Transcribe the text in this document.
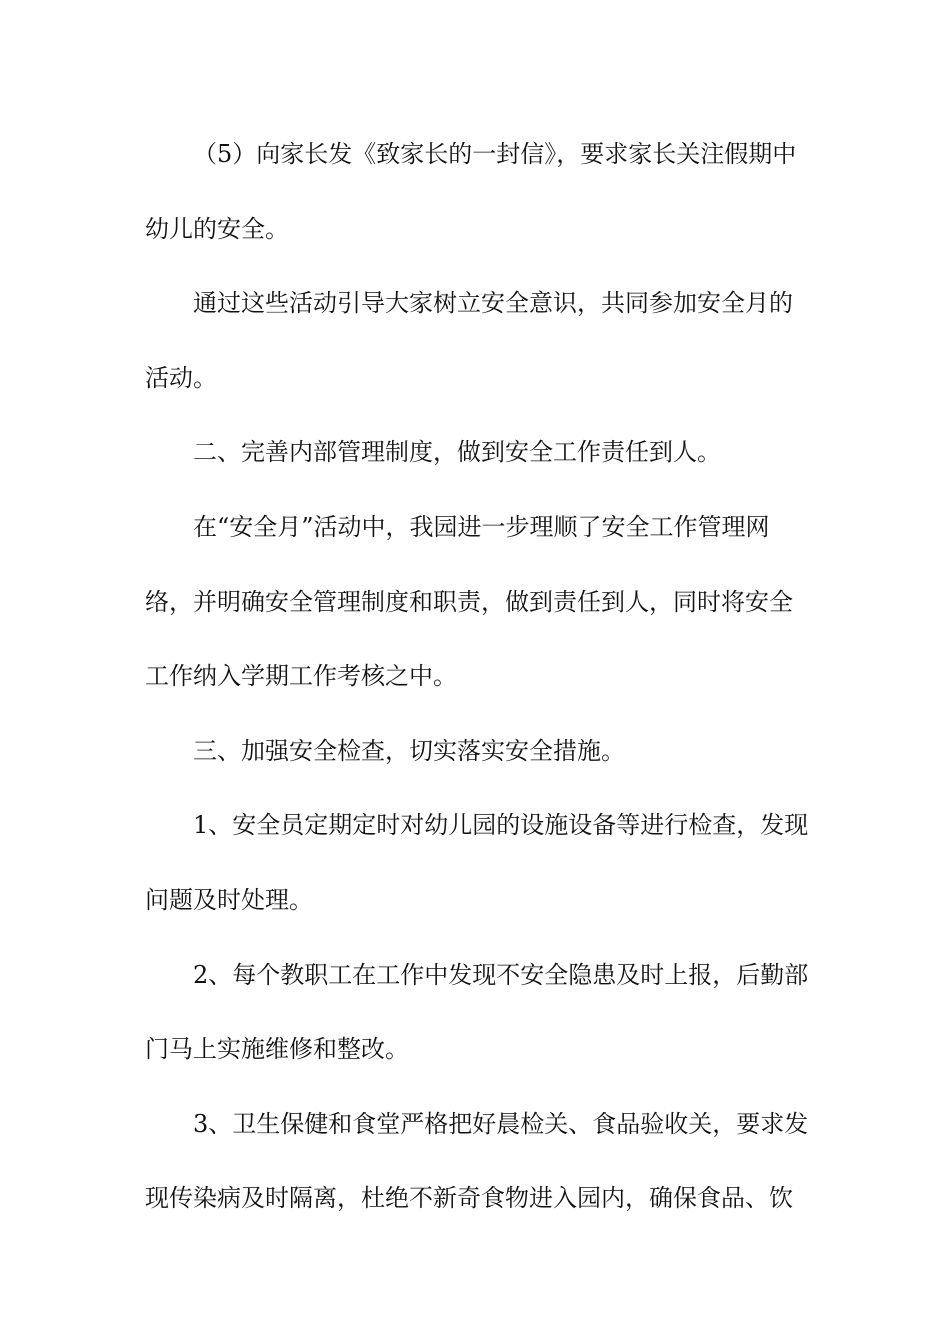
（5）向家长发《致家长的一封信》，要求家长关注假期中
幼儿的安全。
通过这些活动引导大家树立安全意识，共同参加安全月的
活动。
二、完善内部管理制度，做到安全工作责任到人。
在“安全月”活动中，我园进一步理顺了安全工作管理网
络，并明确安全管理制度和职责，做到责任到人，同时将安全
工作纳入学期工作考核之中。
三、加强安全检查，切实落实安全措施。
1、安全员定期定时对幼儿园的设施设备等进行检查，发现
问题及时处理。
2、每个教职工在工作中发现不安全隐患及时上报，后勤部
门马上实施维修和整改。
3、卫生保健和食堂严格把好晨检关、食品验收关，要求发
现传染病及时隔离，杜绝不新奇食物进入园内，确保食品、饮
